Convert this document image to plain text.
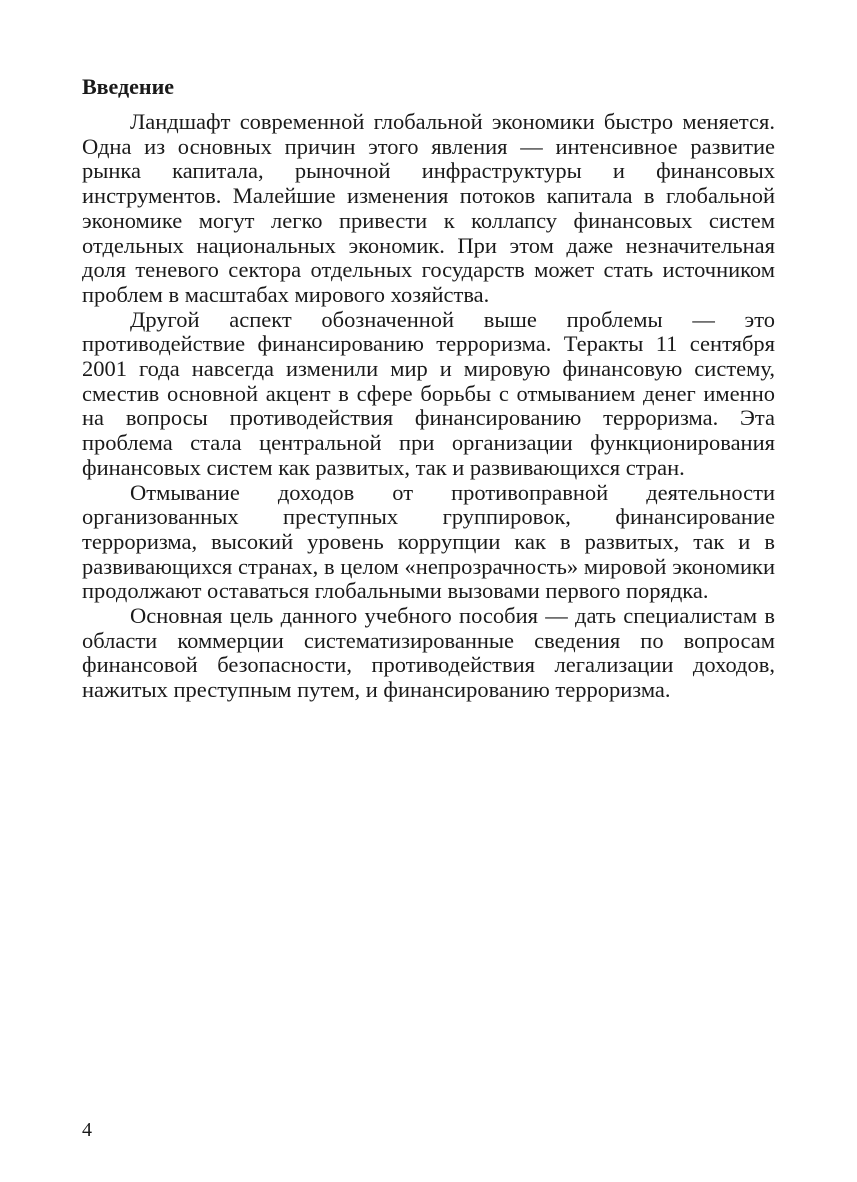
Введение

Ландшафт современной глобальной экономики быстро меняется. Одна из основных причин этого явления — интенсивное развитие рынка капитала, рыночной инфраструктуры и финансовых инструментов. Малейшие изменения потоков капитала в глобальной экономике могут легко привести к коллапсу финансовых систем отдельных национальных экономик. При этом даже незначительная доля теневого сектора отдельных государств может стать источником проблем в масштабах мирового хозяйства.

Другой аспект обозначенной выше проблемы — это противодействие финансированию терроризма. Теракты 11 сентября 2001 года навсегда изменили мир и мировую финансовую систему, сместив основной акцент в сфере борьбы с отмыванием денег именно на вопросы противодействия финансированию терроризма. Эта проблема стала центральной при организации функционирования финансовых систем как развитых, так и развивающихся стран.

Отмывание доходов от противоправной деятельности организованных преступных группировок, финансирование терроризма, высокий уровень коррупции как в развитых, так и в развивающихся странах, в целом «непрозрачность» мировой экономики продолжают оставаться глобальными вызовами первого порядка.

Основная цель данного учебного пособия — дать специалистам в области коммерции систематизированные сведения по вопросам финансовой безопасности, противодействия легализации доходов, нажитых преступным путем, и финансированию терроризма.

4
